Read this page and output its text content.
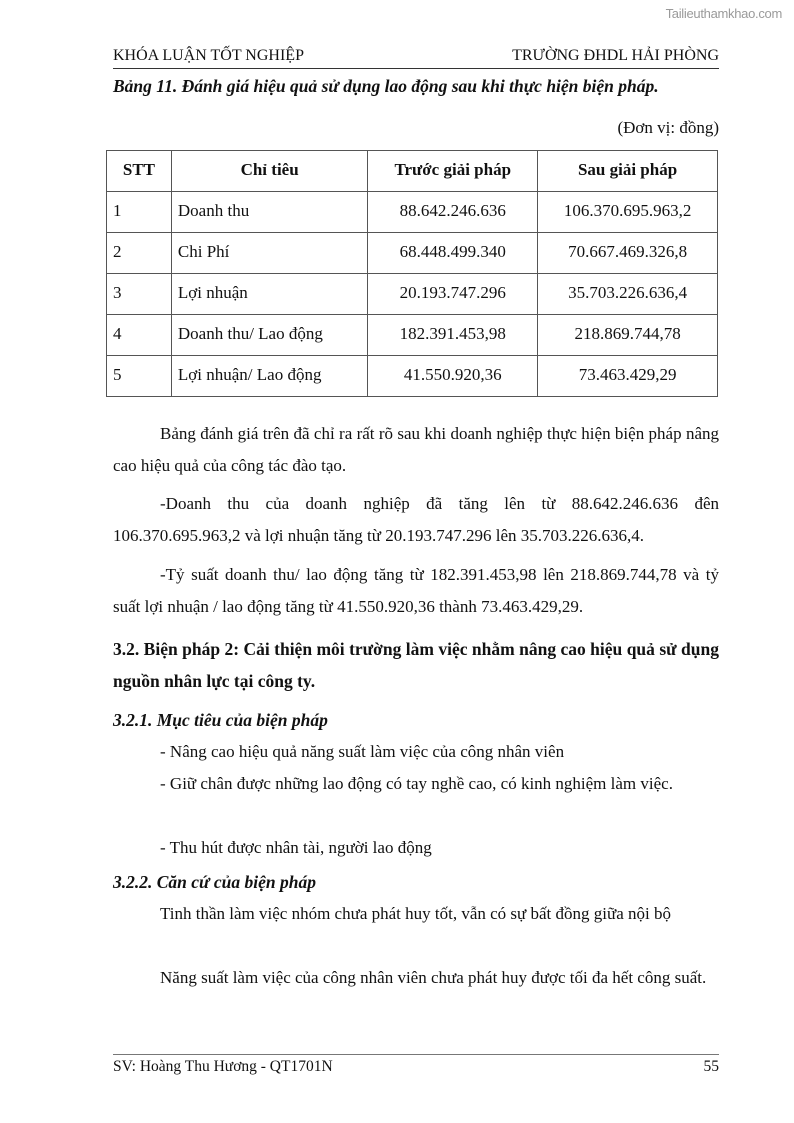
Tailieuthamkhao.com
KHÓA LUẬN TỐT NGHIỆP	TRƯỜNG ĐHDL HẢI PHÒNG
Bảng 11. Đánh giá hiệu quả sử dụng lao động sau khi thực hiện biện pháp.
(Đơn vị: đồng)
STT	Chỉ tiêu	Trước giải pháp	Sau giải pháp
1	Doanh thu	88.642.246.636	106.370.695.963,2
2	Chi Phí	68.448.499.340	70.667.469.326,8
3	Lợi nhuận	20.193.747.296	35.703.226.636,4
4	Doanh thu/ Lao động	182.391.453,98	218.869.744,78
5	Lợi nhuận/ Lao động	41.550.920,36	73.463.429,29
Bảng đánh giá trên đã chỉ ra rất rõ sau khi doanh nghiệp thực hiện biện pháp nâng cao hiệu quả của công tác đào tạo.
-Doanh thu của doanh nghiệp đã tăng lên từ 88.642.246.636 đên 106.370.695.963,2 và lợi nhuận tăng từ 20.193.747.296 lên 35.703.226.636,4.
-Tỷ suất doanh thu/ lao động tăng từ 182.391.453,98 lên 218.869.744,78 và tỷ suất lợi nhuận / lao động tăng từ 41.550.920,36 thành 73.463.429,29.
3.2. Biện pháp 2: Cải thiện môi trường làm việc nhằm nâng cao hiệu quả sử dụng nguồn nhân lực tại công ty.
3.2.1. Mục tiêu của biện pháp
- Nâng cao hiệu quả năng suất làm việc của công nhân viên
- Giữ chân được những lao động có tay nghề cao, có kinh nghiệm làm việc.
- Thu hút được nhân tài, người lao động
3.2.2. Căn cứ của biện pháp
Tinh thần làm việc nhóm chưa phát huy tốt, vẫn có sự bất đồng giữa nội bộ
Năng suất làm việc của công nhân viên chưa phát huy được tối đa hết công suất.
SV: Hoàng Thu Hương - QT1701N	55
